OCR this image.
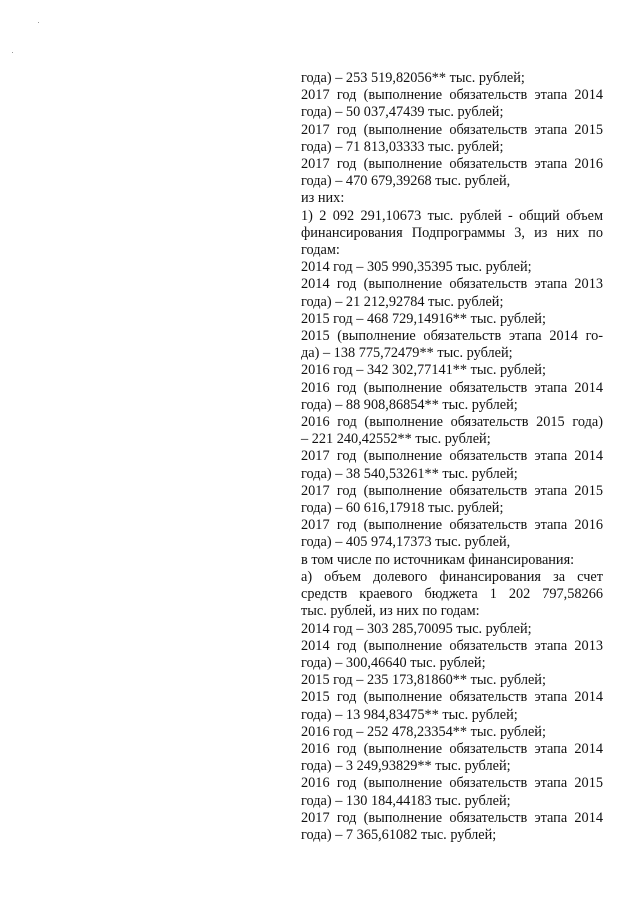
года) – 253 519,82056** тыс. рублей;
2017 год (выполнение обязательств этапа 2014
года) – 50 037,47439 тыс. рублей;
2017 год (выполнение обязательств этапа 2015
года) – 71 813,03333 тыс. рублей;
2017 год (выполнение обязательств этапа 2016
года) – 470 679,39268 тыс. рублей,
из них:
1) 2 092 291,10673 тыс. рублей - общий объем
финансирования Подпрограммы 3, из них по
годам:
2014 год – 305 990,35395 тыс. рублей;
2014 год (выполнение обязательств этапа 2013
года) – 21 212,92784 тыс. рублей;
2015 год – 468 729,14916** тыс. рублей;
2015 (выполнение обязательств этапа 2014 го-
да) – 138 775,72479** тыс. рублей;
2016 год – 342 302,77141** тыс. рублей;
2016 год (выполнение обязательств этапа 2014
года) – 88 908,86854** тыс. рублей;
2016 год (выполнение обязательств 2015 года)
– 221 240,42552** тыс. рублей;
2017 год (выполнение обязательств этапа 2014
года) – 38 540,53261** тыс. рублей;
2017 год (выполнение обязательств этапа 2015
года) – 60 616,17918 тыс. рублей;
2017 год (выполнение обязательств этапа 2016
года) – 405 974,17373 тыс. рублей,
в том числе по источникам финансирования:
а) объем долевого финансирования за счет
средств краевого бюджета 1 202 797,58266
тыс. рублей, из них по годам:
2014 год – 303 285,70095 тыс. рублей;
2014 год (выполнение обязательств этапа 2013
года) – 300,46640 тыс. рублей;
2015 год – 235 173,81860** тыс. рублей;
2015 год (выполнение обязательств этапа 2014
года) – 13 984,83475** тыс. рублей;
2016 год – 252 478,23354** тыс. рублей;
2016 год (выполнение обязательств этапа 2014
года) – 3 249,93829** тыс. рублей;
2016 год (выполнение обязательств этапа 2015
года) – 130 184,44183 тыс. рублей;
2017 год (выполнение обязательств этапа 2014
года) – 7 365,61082 тыс. рублей;
